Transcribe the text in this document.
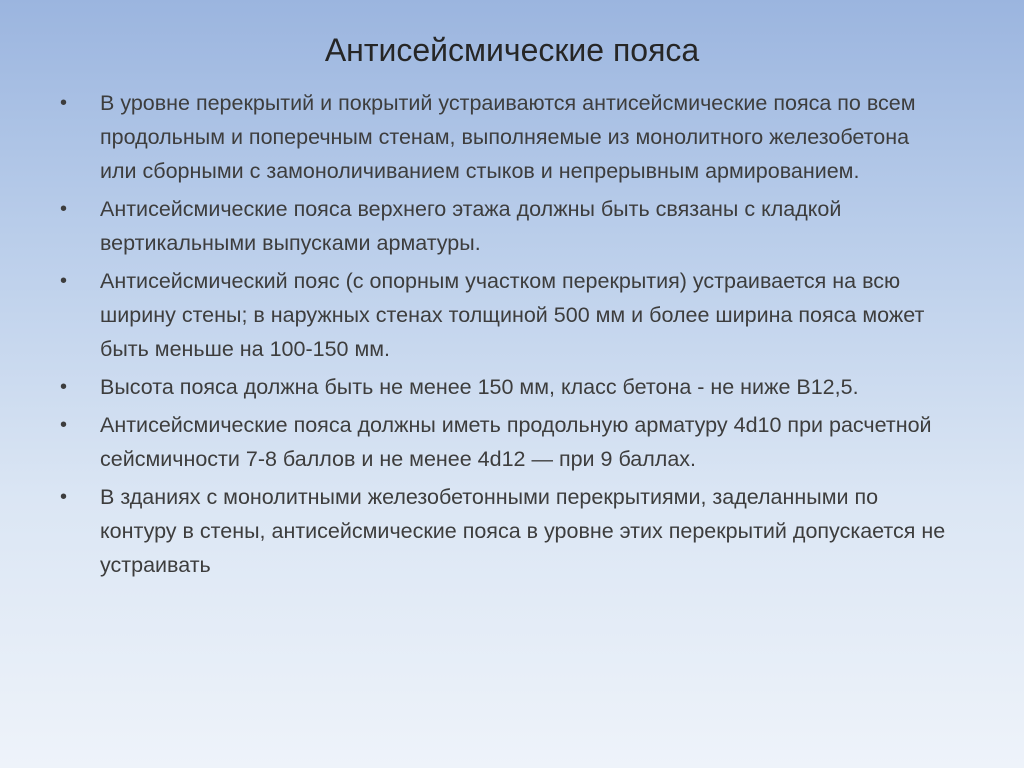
Антисейсмические пояса
• В уровне перекрытий и покрытий устраиваются антисейсмические пояса по всем продольным и поперечным стенам, выполняемые из монолитного железобетона или сборными с замоноличиванием стыков и непрерывным армированием.
• Антисейсмические пояса верхнего этажа должны быть связаны с кладкой вертикальными выпусками арматуры.
• Антисейсмический пояс (с опорным участком перекрытия) устраивается на всю ширину стены; в наружных стенах толщиной 500 мм и более ширина пояса может быть меньше на 100-150 мм.
• Высота пояса должна быть не менее 150 мм, класс бетона - не ниже В12,5.
• Антисейсмические пояса должны иметь продольную арматуру 4d10 при расчетной сейсмичности 7-8 баллов и не менее 4d12 — при 9 баллах.
• В зданиях с монолитными железобетонными перекрытиями, заделанными по контуру в стены, антисейсмические пояса в уровне этих перекрытий допускается не устраивать
